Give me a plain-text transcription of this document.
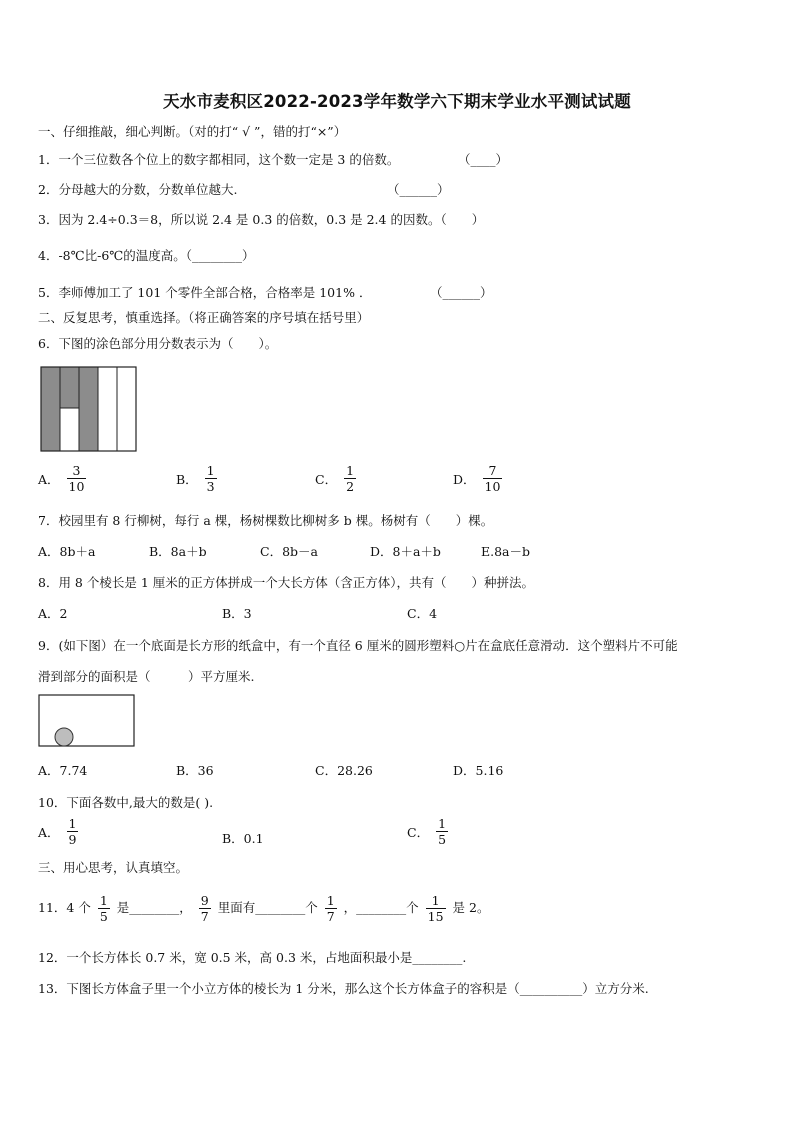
天水市麦积区2022-2023学年数学六下期末学业水平测试试题
一、仔细推敲，细心判断。（对的打“ √ ”，错的打“×”）
1．一个三位数各个位上的数字都相同，这个数一定是 3 的倍数。	（____）
2．分母越大的分数，分数单位越大.	（______）
3．因为 2.4÷0.3＝8，所以说 2.4 是 0.3 的倍数，0.3 是 2.4 的因数。（　　）
4．-8℃比-6℃的温度高。（________）
5．李师傅加工了 101 个零件全部合格，合格率是 101% ．	（______）
二、反复思考，慎重选择。（将正确答案的序号填在括号里）
6．下图的涂色部分用分数表示为（　　）。
A． $\frac{3}{10}$	B． $\frac{1}{3}$	C． $\frac{1}{2}$	D． $\frac{7}{10}$
7．校园里有 8 行柳树，每行 a 棵，杨树棵数比柳树多 b 棵。杨树有（　　）棵。
A．8b＋a	B．8a＋b	C．8b－a	D．8＋a＋b	E.8a－b
8．用 8 个棱长是 1 厘米的正方体拼成一个大长方体（含正方体），共有（　　）种拼法。
A．2	B．3	C．4
9．(如下图）在一个底面是长方形的纸盒中，有一个直径 6 厘米的圆形塑料○片在盒底任意滑动．这个塑料片不可能
滑到部分的面积是（　　　）平方厘米.
A．7.74	B．36	C．28.26	D．5.16
10．下面各数中,最大的数是( ).
A． $\frac{1}{9}$	B．0.1	C． $\frac{1}{5}$
三、用心思考，认真填空。
11．4 个 $\frac{1}{5}$ 是________， $\frac{9}{7}$ 里面有________个 $\frac{1}{7}$ ，________个 $\frac{1}{15}$ 是 2。
12．一个长方体长 0.7 米，宽 0.5 米，高 0.3 米，占地面积最小是________.
13．下图长方体盒子里一个小立方体的棱长为 1 分米，那么这个长方体盒子的容积是（__________）立方分米.
